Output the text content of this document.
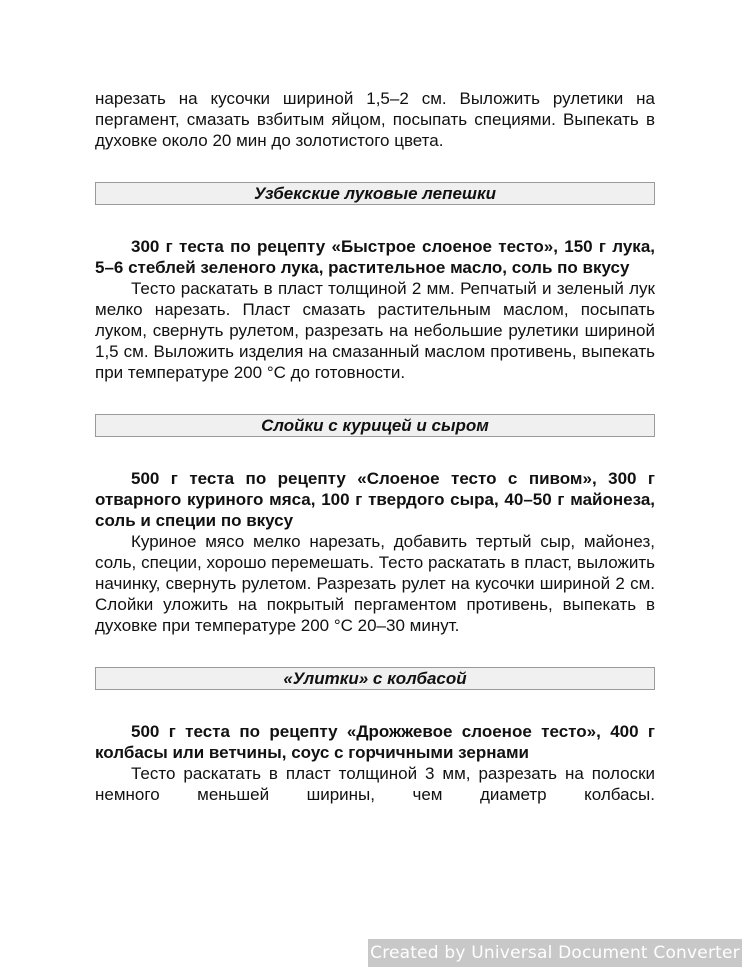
нарезать на кусочки шириной 1,5–2 см. Выложить рулетики на пергамент, смазать взбитым яйцом, посыпать специями. Выпекать в духовке около 20 мин до золотистого цвета.

Узбекские луковые лепешки

300 г теста по рецепту «Быстрое слоеное тесто», 150 г лука, 5–6 стеблей зеленого лука, растительное масло, соль по вкусу

Тесто раскатать в пласт толщиной 2 мм. Репчатый и зеленый лук мелко нарезать. Пласт смазать растительным маслом, посыпать луком, свернуть рулетом, разрезать на небольшие рулетики шириной 1,5 см. Выложить изделия на смазанный маслом противень, выпекать при температуре 200 °С до готовности.

Слойки с курицей и сыром

500 г теста по рецепту «Слоеное тесто с пивом», 300 г отварного куриного мяса, 100 г твердого сыра, 40–50 г майонеза, соль и специи по вкусу

Куриное мясо мелко нарезать, добавить тертый сыр, майонез, соль, специи, хорошо перемешать. Тесто раскатать в пласт, выложить начинку, свернуть рулетом. Разрезать рулет на кусочки шириной 2 см. Слойки уложить на покрытый пергаментом противень, выпекать в духовке при температуре 200 °С 20–30 минут.

«Улитки» с колбасой

500 г теста по рецепту «Дрожжевое слоеное тесто», 400 г колбасы или ветчины, соус с горчичными зернами

Тесто раскатать в пласт толщиной 3 мм, разрезать на полоски немного меньшей ширины, чем диаметр колбасы.

Created by Universal Document Converter
